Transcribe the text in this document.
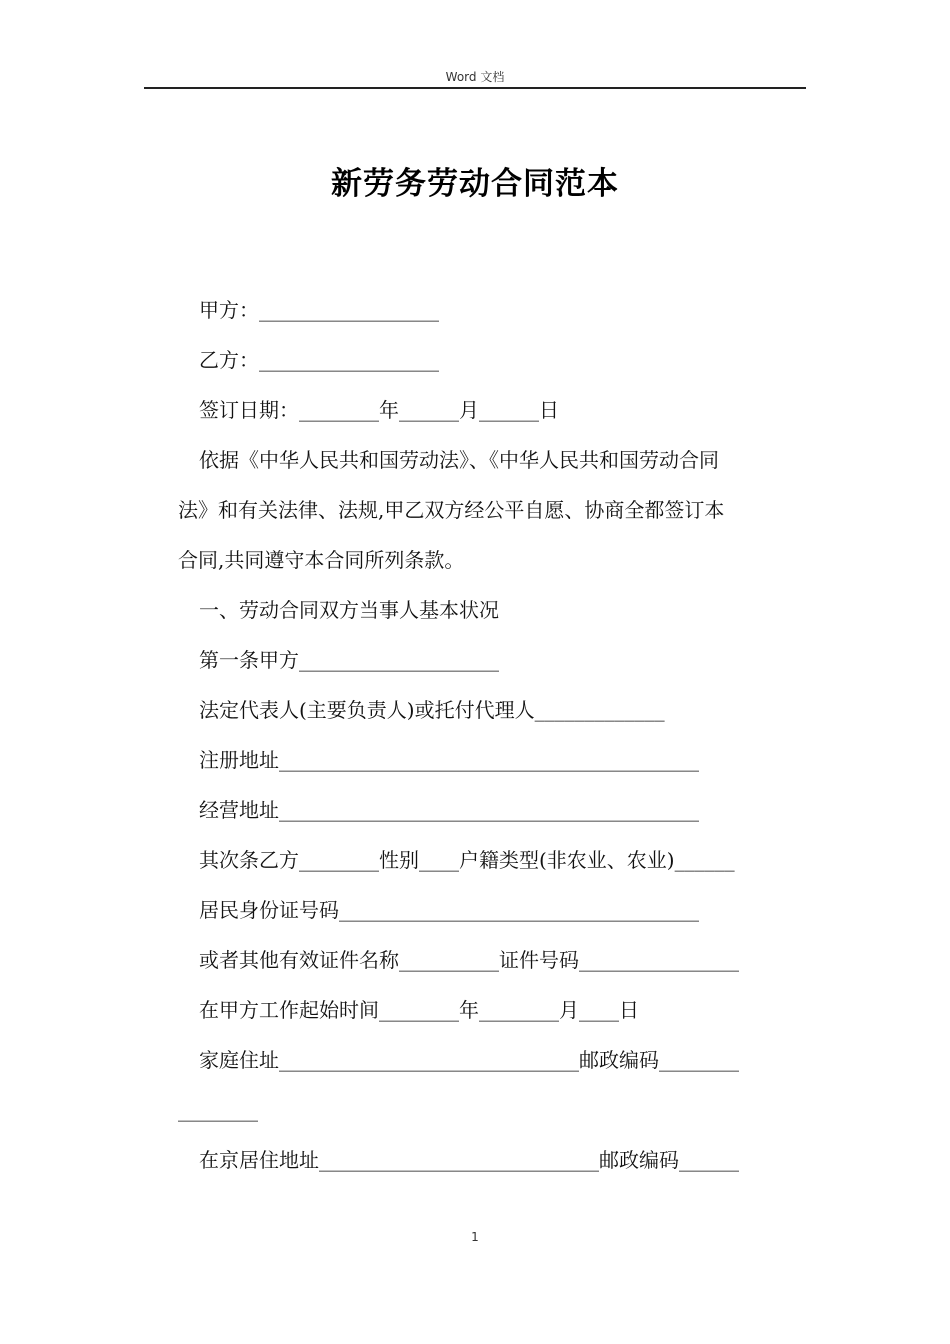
Word 文档
新劳务劳动合同范本
甲方：__________________
乙方：__________________
签订日期：________年______月______日
依据《中华人民共和国劳动法》、《中华人民共和国劳动合同
法》和有关法律、法规,甲乙双方经公平自愿、协商全都签订本
合同,共同遵守本合同所列条款。
一、劳动合同双方当事人基本状况
第一条甲方____________________
法定代表人(主要负责人)或托付代理人_____________
注册地址__________________________________________
经营地址__________________________________________
其次条乙方________性别____户籍类型(非农业、农业)______
居民身份证号码____________________________________
或者其他有效证件名称__________证件号码________________
在甲方工作起始时间________年________月____日
家庭住址______________________________邮政编码________
________
在京居住地址____________________________邮政编码______
1
